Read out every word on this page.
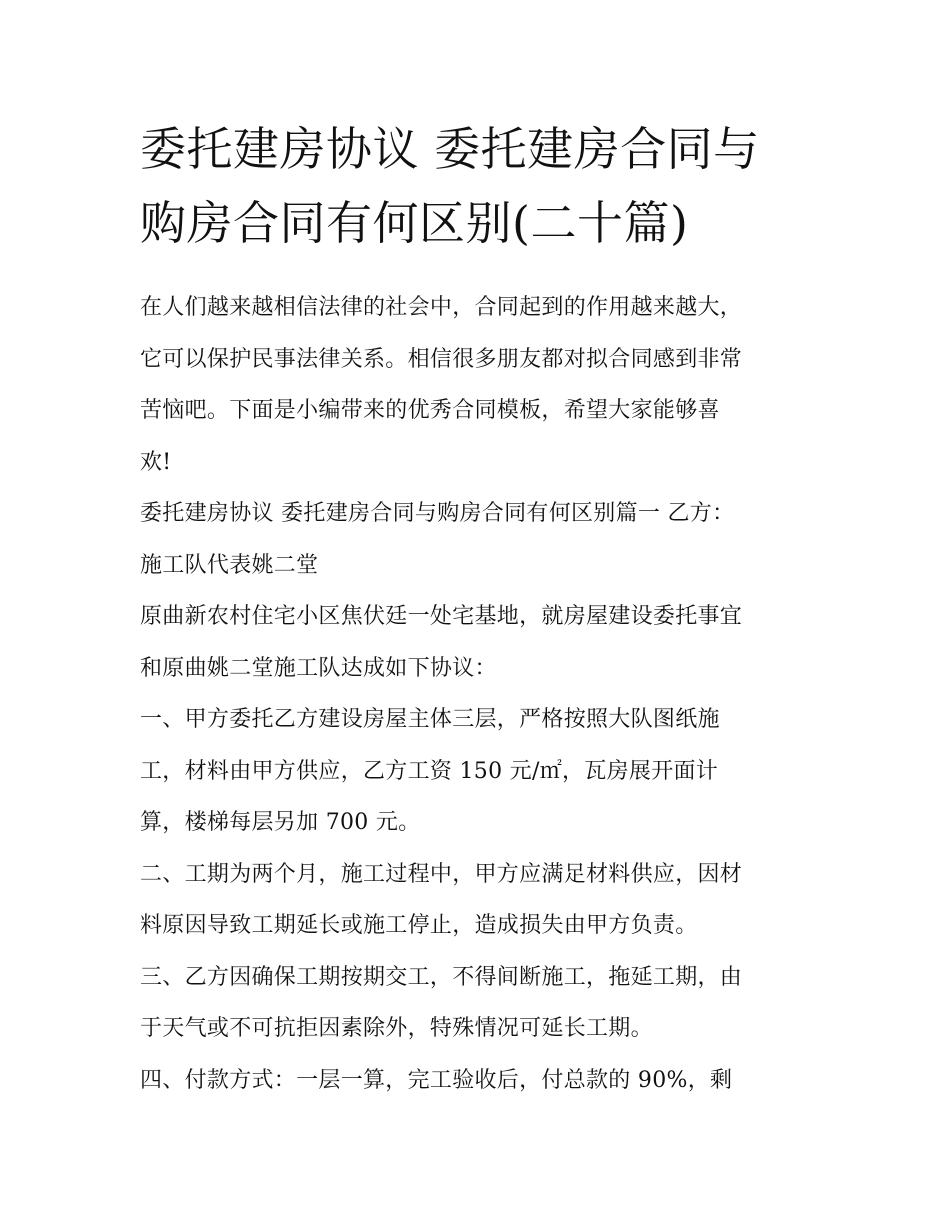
委托建房协议 委托建房合同与
购房合同有何区别(二十篇)
在人们越来越相信法律的社会中，合同起到的作用越来越大，
它可以保护民事法律关系。相信很多朋友都对拟合同感到非常
苦恼吧。下面是小编带来的优秀合同模板，希望大家能够喜
欢!
委托建房协议 委托建房合同与购房合同有何区别篇一 乙方：
施工队代表姚二堂
原曲新农村住宅小区焦伏廷一处宅基地，就房屋建设委托事宜
和原曲姚二堂施工队达成如下协议：
一、甲方委托乙方建设房屋主体三层，严格按照大队图纸施
工，材料由甲方供应，乙方工资 150 元/㎡，瓦房展开面计
算，楼梯每层另加 700 元。
二、工期为两个月，施工过程中，甲方应满足材料供应，因材
料原因导致工期延长或施工停止，造成损失由甲方负责。
三、乙方因确保工期按期交工，不得间断施工，拖延工期，由
于天气或不可抗拒因素除外，特殊情况可延长工期。
四、付款方式：一层一算，完工验收后，付总款的 90%，剩
